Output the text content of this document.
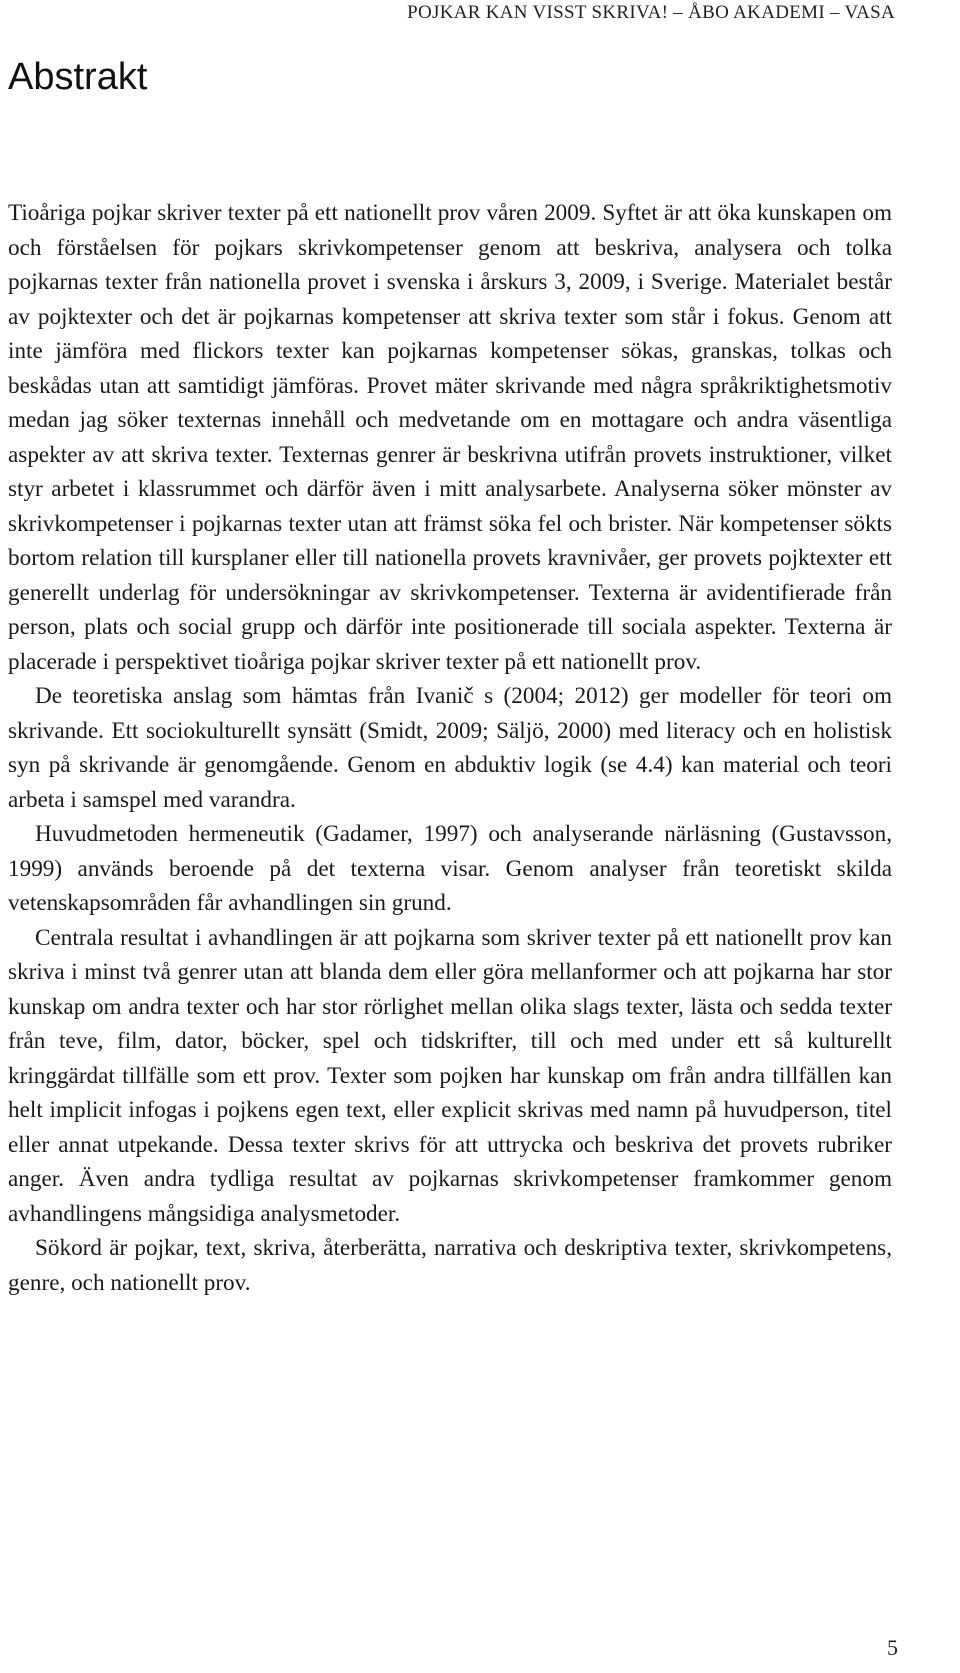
POJKAR KAN VISST SKRIVA! – ÅBO AKADEMI – VASA
Abstrakt

Tioåriga pojkar skriver texter på ett nationellt prov våren 2009. Syftet är att öka kunskapen om och förståelsen för pojkars skrivkompetenser genom att beskriva, analysera och tolka pojkarnas texter från nationella provet i svenska i årskurs 3, 2009, i Sverige. Materialet består av pojktexter och det är pojkarnas kompetenser att skriva texter som står i fokus. Genom att inte jämföra med flickors texter kan pojkarnas kompetenser sökas, granskas, tolkas och beskådas utan att samtidigt jämföras. Provet mäter skrivande med några språkriktighetsmotiv medan jag söker texternas innehåll och medvetande om en mottagare och andra väsentliga aspekter av att skriva texter. Texternas genrer är beskrivna utifrån provets instruktioner, vilket styr arbetet i klassrummet och därför även i mitt analysarbete. Analyserna söker mönster av skrivkompetenser i pojkarnas texter utan att främst söka fel och brister. När kompetenser sökts bortom relation till kursplaner eller till nationella provets kravnivåer, ger provets pojktexter ett generellt underlag för undersökningar av skrivkompetenser. Texterna är avidentifierade från person, plats och social grupp och därför inte positionerade till sociala aspekter. Texterna är placerade i perspektivet tioåriga pojkar skriver texter på ett nationellt prov.

De teoretiska anslag som hämtas från Ivanič s (2004; 2012) ger modeller för teori om skrivande. Ett sociokulturellt synsätt (Smidt, 2009; Säljö, 2000) med literacy och en holistisk syn på skrivande är genomgående. Genom en abduktiv logik (se 4.4) kan material och teori arbeta i samspel med varandra.

Huvudmetoden hermeneutik (Gadamer, 1997) och analyserande närläsning (Gustavsson, 1999) används beroende på det texterna visar. Genom analyser från teoretiskt skilda vetenskapsområden får avhandlingen sin grund.

Centrala resultat i avhandlingen är att pojkarna som skriver texter på ett nationellt prov kan skriva i minst två genrer utan att blanda dem eller göra mellanformer och att pojkarna har stor kunskap om andra texter och har stor rörlighet mellan olika slags texter, lästa och sedda texter från teve, film, dator, böcker, spel och tidskrifter, till och med under ett så kulturellt kringgärdat tillfälle som ett prov. Texter som pojken har kunskap om från andra tillfällen kan helt implicit infogas i pojkens egen text, eller explicit skrivas med namn på huvudperson, titel eller annat utpekande. Dessa texter skrivs för att uttrycka och beskriva det provets rubriker anger. Även andra tydliga resultat av pojkarnas skrivkompetenser framkommer genom avhandlingens mångsidiga analysmetoder.

Sökord är pojkar, text, skriva, återberätta, narrativa och deskriptiva texter, skrivkompetens, genre, och nationellt prov.

5
